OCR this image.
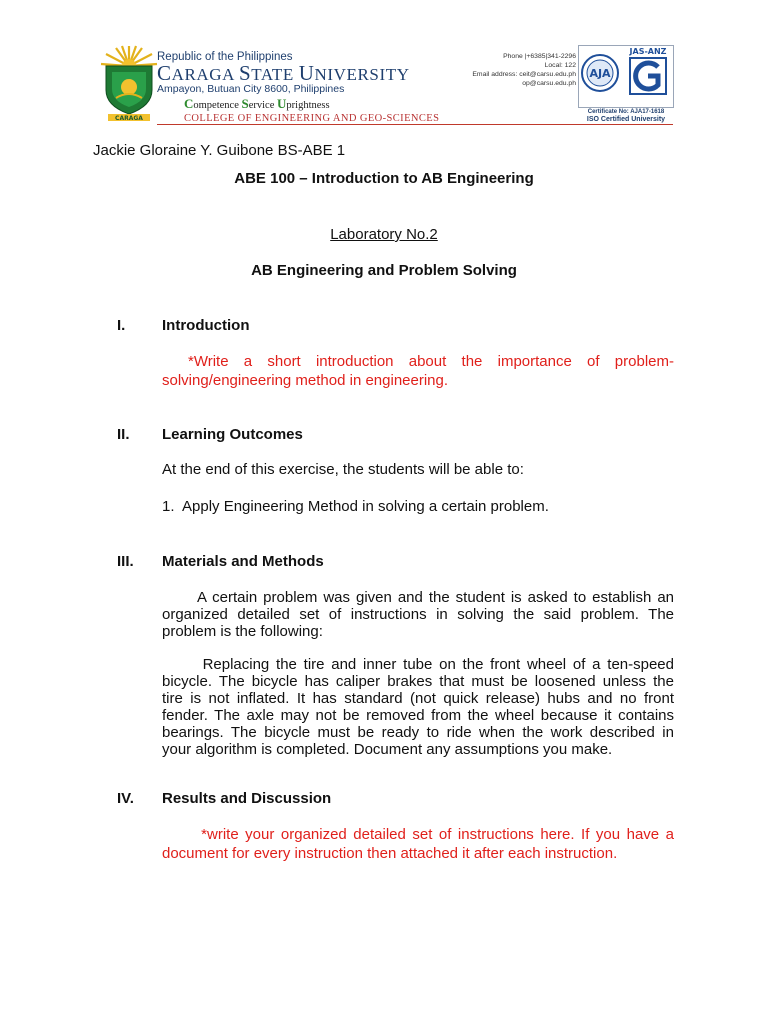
CARAGA
Republic of the Philippines
CARAGA STATE UNIVERSITY
Ampayon, Butuan City 8600, Philippines
Competence Service Uprightness
COLLEGE OF ENGINEERING AND GEO-SCIENCES
Phone |+6385|341-2296
Local: 122
Email address: ceit@carsu.edu.ph
op@carsu.edu.ph
AJA
JAS-ANZ
Certificate No: AJA17-1618
ISO Certified University
Jackie Gloraine Y. Guibone BS-ABE 1
ABE 100 – Introduction to AB Engineering
Laboratory No.2
AB Engineering and Problem Solving
I. Introduction
*Write a short introduction about the importance of problem-
solving/engineering method in engineering.
II. Learning Outcomes
At the end of this exercise, the students will be able to:
1.  Apply Engineering Method in solving a certain problem.
III. Materials and Methods
A certain problem was given and the student is asked to establish an
organized detailed set of instructions in solving the said problem. The
problem is the following:
Replacing the tire and inner tube on the front wheel of a ten-speed
bicycle. The bicycle has caliper brakes that must be loosened unless the
tire is not inflated. It has standard (not quick release) hubs and no front
fender. The axle may not be removed from the wheel because it contains
bearings. The bicycle must be ready to ride when the work described in
your algorithm is completed. Document any assumptions you make.
IV. Results and Discussion
*write your organized detailed set of instructions here. If you have a
document for every instruction then attached it after each instruction.
